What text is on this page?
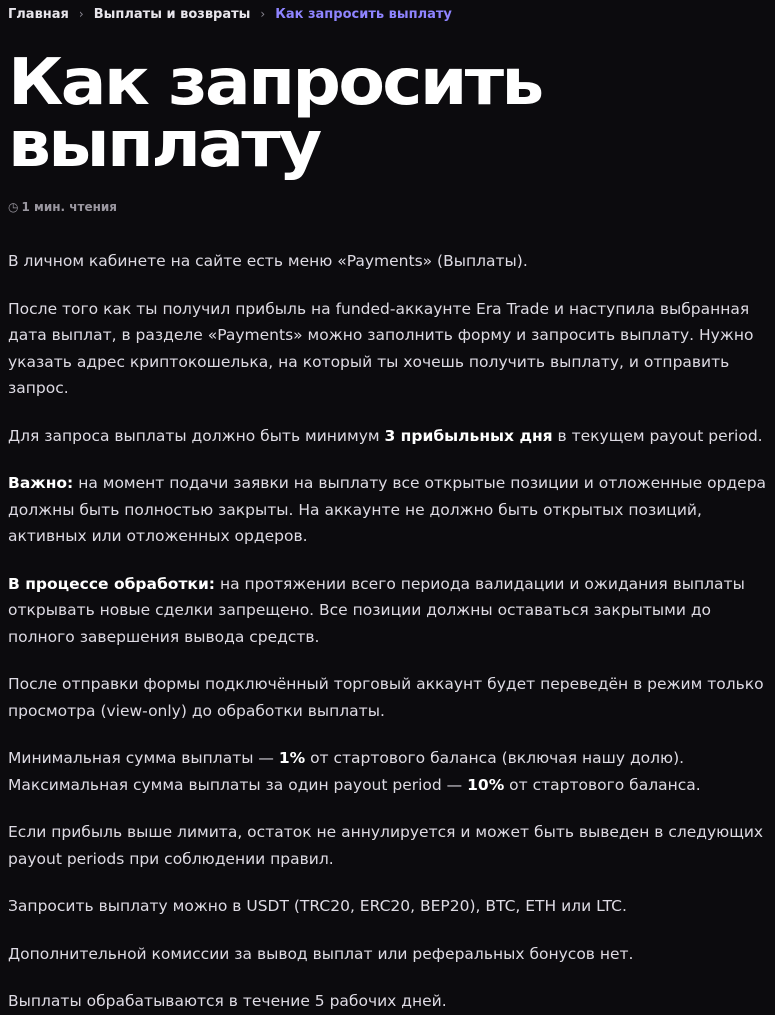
Главная › Выплаты и возвраты › Как запросить выплату
Как запросить
выплату
◷ 1 мин. чтения

В личном кабинете на сайте есть меню «Payments» (Выплаты).

После того как ты получил прибыль на funded-аккаунте Era Trade и наступила выбранная дата выплат, в разделе «Payments» можно заполнить форму и запросить выплату. Нужно указать адрес криптокошелька, на который ты хочешь получить выплату, и отправить запрос.

Для запроса выплаты должно быть минимум 3 прибыльных дня в текущем payout period.

Важно: на момент подачи заявки на выплату все открытые позиции и отложенные ордера должны быть полностью закрыты. На аккаунте не должно быть открытых позиций, активных или отложенных ордеров.

В процессе обработки: на протяжении всего периода валидации и ожидания выплаты открывать новые сделки запрещено. Все позиции должны оставаться закрытыми до полного завершения вывода средств.

После отправки формы подключённый торговый аккаунт будет переведён в режим только просмотра (view-only) до обработки выплаты.

Минимальная сумма выплаты — 1% от стартового баланса (включая нашу долю). Максимальная сумма выплаты за один payout period — 10% от стартового баланса.

Если прибыль выше лимита, остаток не аннулируется и может быть выведен в следующих payout periods при соблюдении правил.

Запросить выплату можно в USDT (TRC20, ERC20, BEP20), BTC, ETH или LTC.

Дополнительной комиссии за вывод выплат или реферальных бонусов нет.

Выплаты обрабатываются в течение 5 рабочих дней.
